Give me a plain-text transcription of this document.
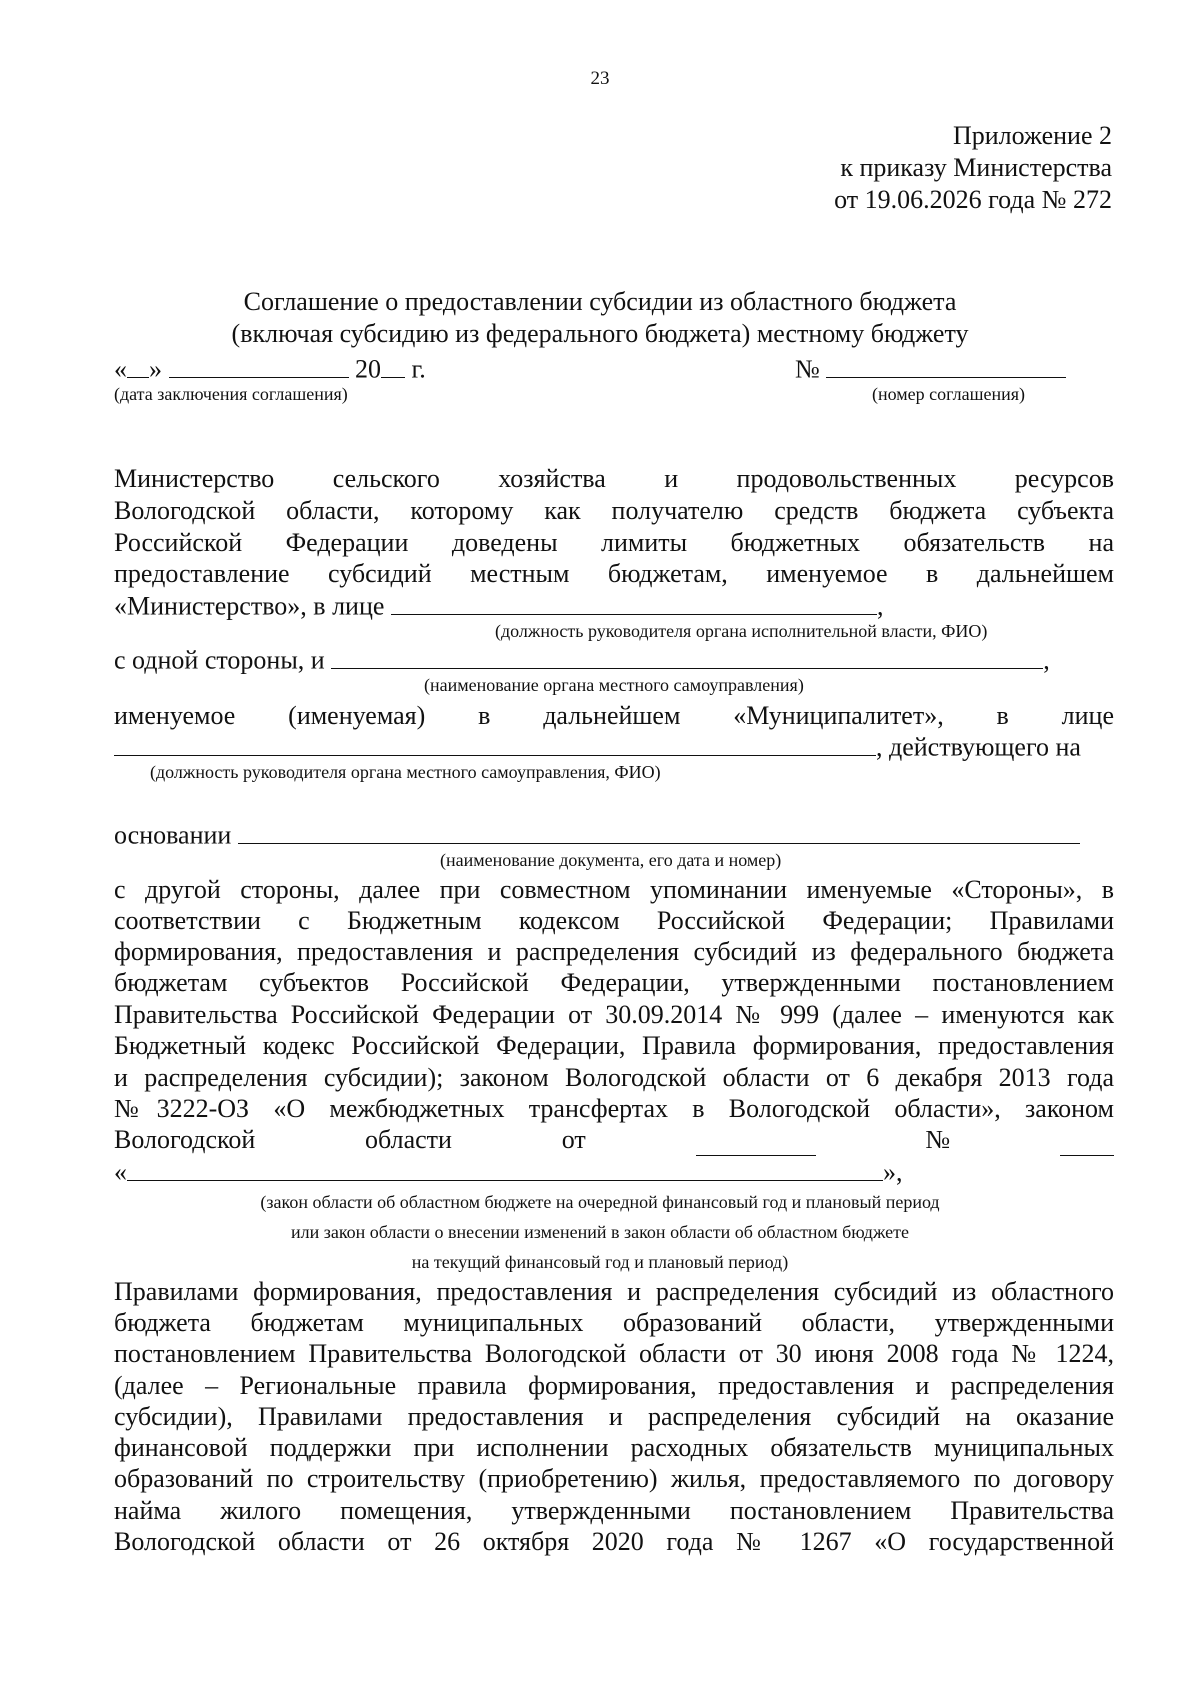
23
Приложение 2
к приказу Министерства
от 19.06.2026 года № 272
Соглашение о предоставлении субсидии из областного бюджета
(включая субсидию из федерального бюджета) местному бюджету
« »	20 г.	№
(дата заключения соглашения)	(номер соглашения)
Министерство сельского хозяйства и продовольственных ресурсов
Вологодской области, которому как получателю средств бюджета субъекта
Российской Федерации доведены лимиты бюджетных обязательств на
предоставление субсидий местным бюджетам, именуемое в дальнейшем
«Министерство», в лице	,
(должность руководителя органа исполнительной власти, ФИО)
с одной стороны, и	,
(наименование органа местного самоуправления)
именуемое (именуемая) в дальнейшем «Муниципалитет», в лице
, действующего на
(должность руководителя органа местного самоуправления, ФИО)
основании
(наименование документа, его дата и номер)
с другой стороны, далее при совместном упоминании именуемые «Стороны», в
соответствии с Бюджетным кодексом Российской Федерации; Правилами
формирования, предоставления и распределения субсидий из федерального бюджета
бюджетам субъектов Российской Федерации, утвержденными постановлением
Правительства Российской Федерации от 30.09.2014 № 999 (далее – именуются как
Бюджетный кодекс Российской Федерации, Правила формирования, предоставления
и распределения субсидии); законом Вологодской области от 6 декабря 2013 года
№3222-ОЗ «О межбюджетных трансфертах в Вологодской области», законом
Вологодской	области	от	№
«	»,
(закон области об областном бюджете на очередной финансовый год и плановый период
или закон области о внесении изменений в закон области об областном бюджете
на текущий финансовый год и плановый период)
Правилами формирования, предоставления и распределения субсидий из областного
бюджета бюджетам муниципальных образований области, утвержденными
постановлением Правительства Вологодской области от 30 июня 2008 года № 1224,
(далее – Региональные правила формирования, предоставления и распределения
субсидии), Правилами предоставления и распределения субсидий на оказание
финансовой поддержки при исполнении расходных обязательств муниципальных
образований по строительству (приобретению) жилья, предоставляемого по договору
найма жилого помещения, утвержденными постановлением Правительства
Вологодской области от 26 октября 2020 года № 1267 «О государственной
